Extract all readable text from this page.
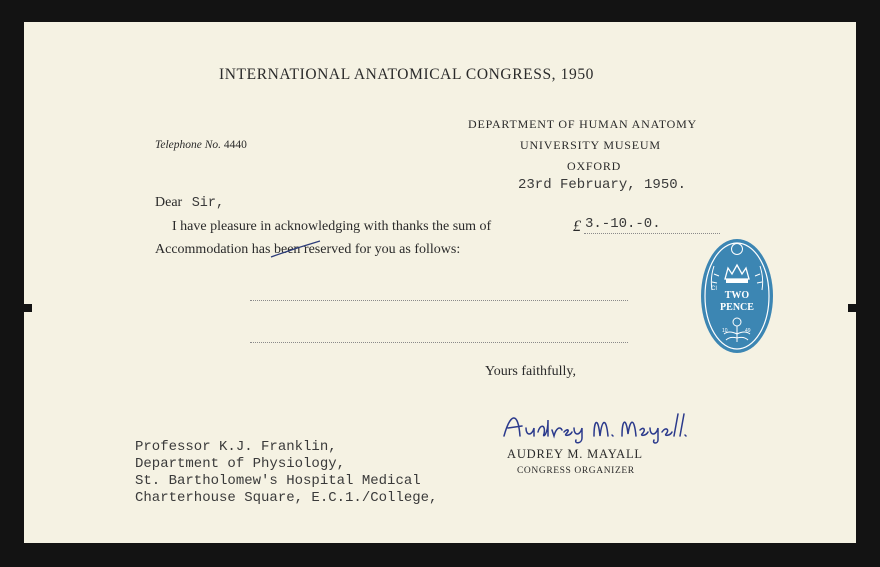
INTERNATIONAL ANATOMICAL CONGRESS, 1950
Telephone No. 4440
DEPARTMENT OF HUMAN ANATOMY
UNIVERSITY MUSEUM
OXFORD
23rd February, 1950.
Dear Sir,
I have pleasure in acknowledging with thanks the sum of	£ 3.-10.-0.
Accommodation has been reserved for you as follows:
TWO
PENCE
CI
10	49
Yours faithfully,
AUDREY M. MAYALL
CONGRESS ORGANIZER
Professor K.J. Franklin,
Department of Physiology,
St. Bartholomew's Hospital Medical
Charterhouse Square, E.C.1./College,
